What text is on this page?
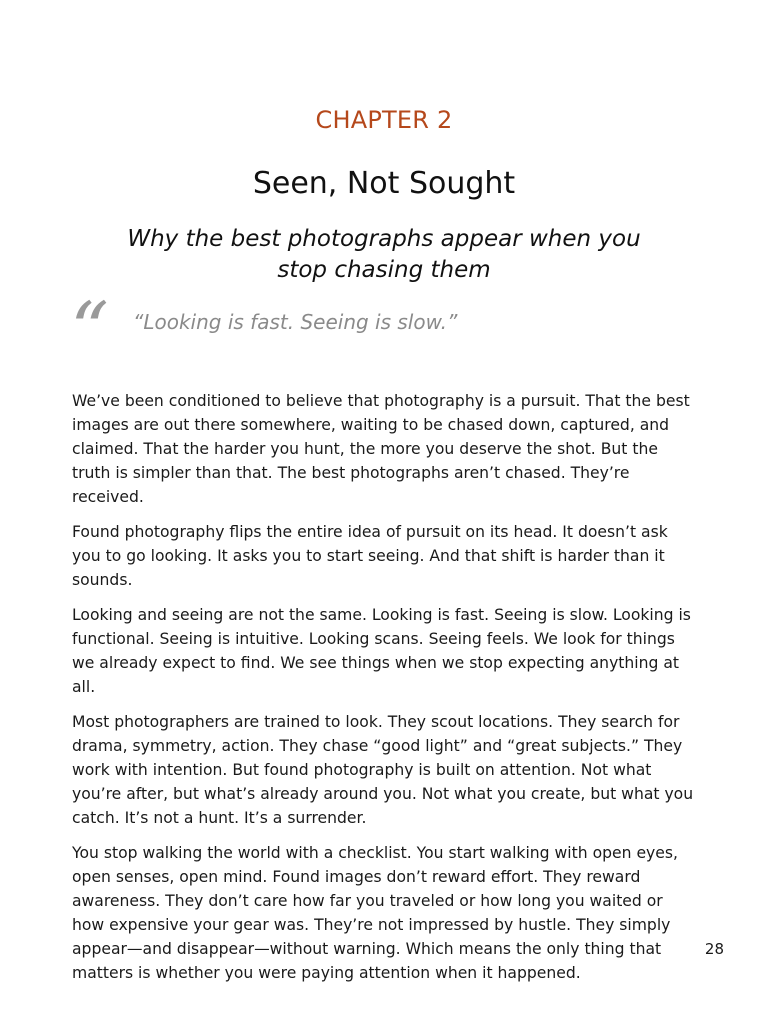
CHAPTER 2
Seen, Not Sought
Why the best photographs appear when you stop chasing them
“ “Looking is fast. Seeing is slow.”

We’ve been conditioned to believe that photography is a pursuit. That the best images are out there somewhere, waiting to be chased down, captured, and claimed. That the harder you hunt, the more you deserve the shot. But the truth is simpler than that. The best photographs aren’t chased. They’re received.

Found photography flips the entire idea of pursuit on its head. It doesn’t ask you to go looking. It asks you to start seeing. And that shift is harder than it sounds.

Looking and seeing are not the same. Looking is fast. Seeing is slow. Looking is functional. Seeing is intuitive. Looking scans. Seeing feels. We look for things we already expect to find. We see things when we stop expecting anything at all.

Most photographers are trained to look. They scout locations. They search for drama, symmetry, action. They chase “good light” and “great subjects.” They work with intention. But found photography is built on attention. Not what you’re after, but what’s already around you. Not what you create, but what you catch. It’s not a hunt. It’s a surrender.

You stop walking the world with a checklist. You start walking with open eyes, open senses, open mind. Found images don’t reward effort. They reward awareness. They don’t care how far you traveled or how long you waited or how expensive your gear was. They’re not impressed by hustle. They simply appear—and disappear—without warning. Which means the only thing that matters is whether you were paying attention when it happened.

28
